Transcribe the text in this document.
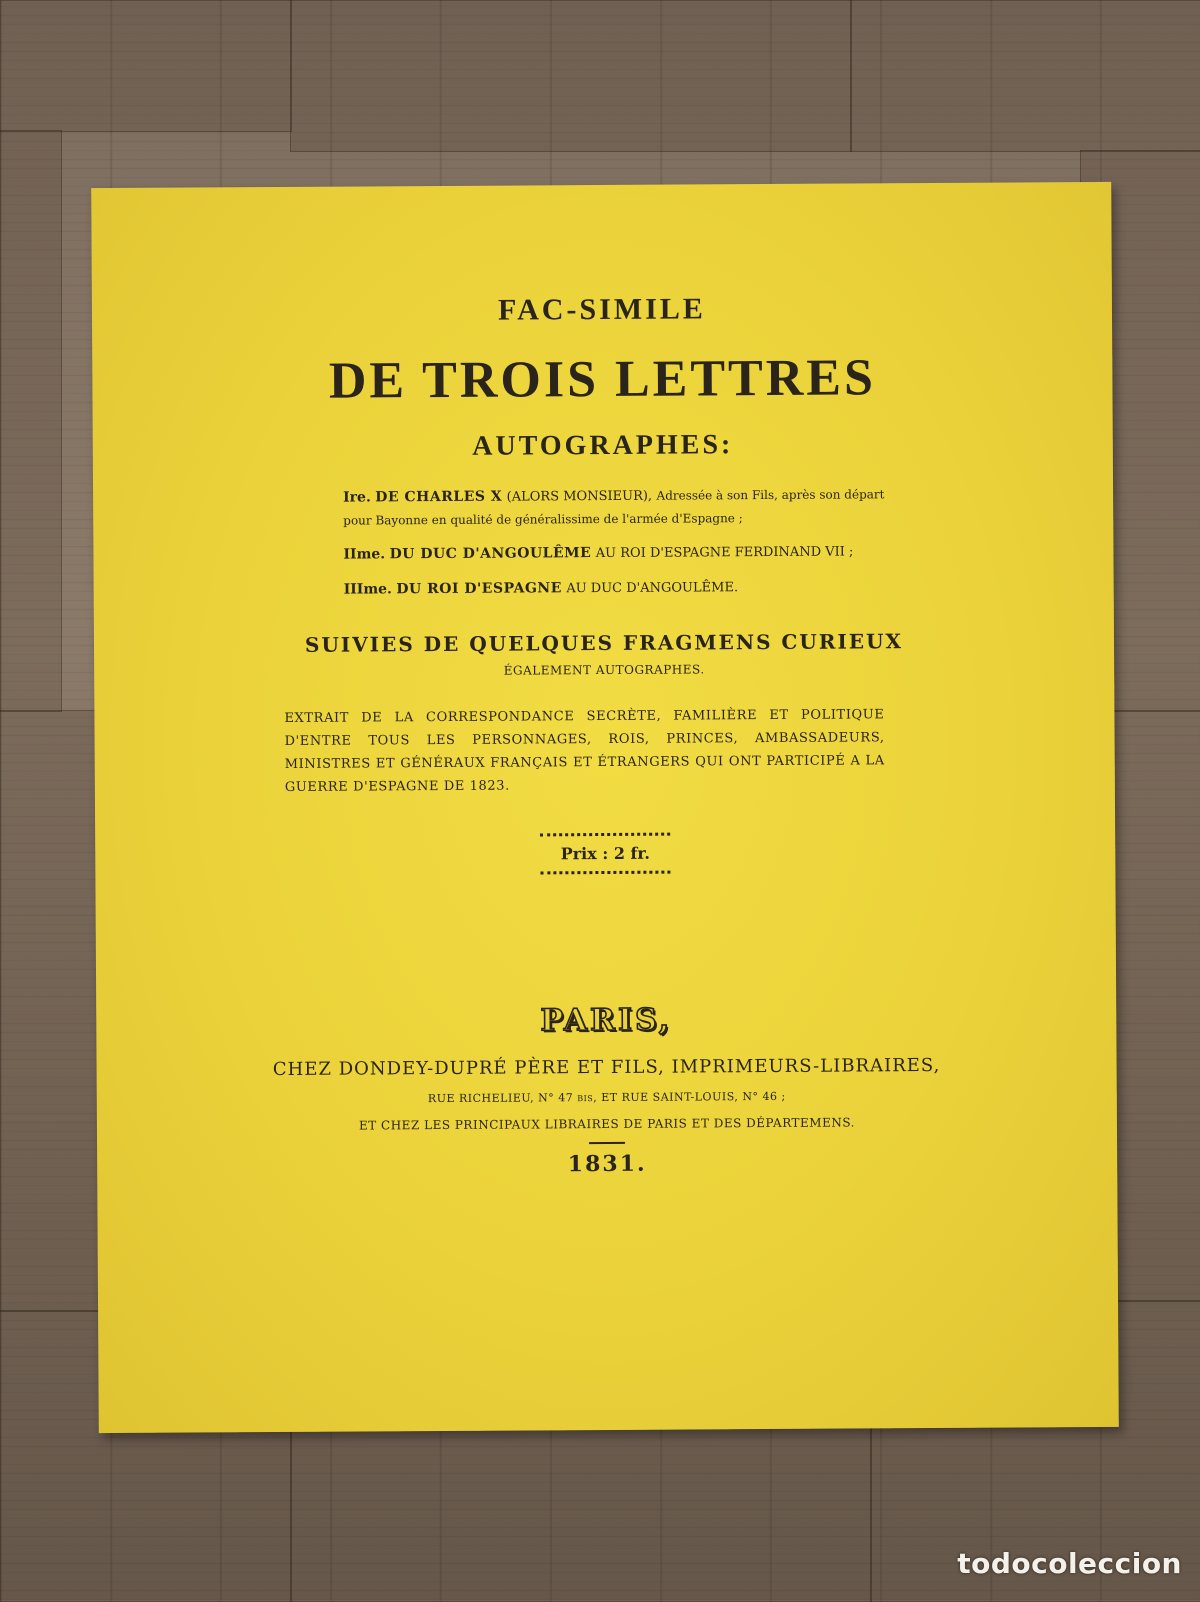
FAC-SIMILE
DE TROIS LETTRES
AUTOGRAPHES:
Ire. DE CHARLES X (ALORS MONSIEUR), Adressée à son Fils, après son départ pour Bayonne en qualité de généralissime de l'armée d'Espagne ;
IIme. DU DUC D'ANGOULÊME AU ROI D'ESPAGNE FERDINAND VII ;
IIIme. DU ROI D'ESPAGNE AU DUC D'ANGOULÊME.
SUIVIES DE QUELQUES FRAGMENS CURIEUX
ÉGALEMENT AUTOGRAPHES.
EXTRAIT DE LA CORRESPONDANCE SECRÈTE, FAMILIÈRE ET POLITIQUE D'ENTRE TOUS LES PERSONNAGES, ROIS, PRINCES, AMBASSADEURS, MINISTRES ET GÉNÉRAUX FRANÇAIS ET ÉTRANGERS QUI ONT PARTICIPÉ A LA GUERRE D'ESPAGNE DE 1823.
Prix : 2 fr.
PARIS,
CHEZ DONDEY-DUPRÉ PÈRE ET FILS, IMPRIMEURS-LIBRAIRES,
RUE RICHELIEU, N° 47 bis, ET RUE SAINT-LOUIS, N° 46 ;
ET CHEZ LES PRINCIPAUX LIBRAIRES DE PARIS ET DES DÉPARTEMENS.
1831.
todocoleccion
